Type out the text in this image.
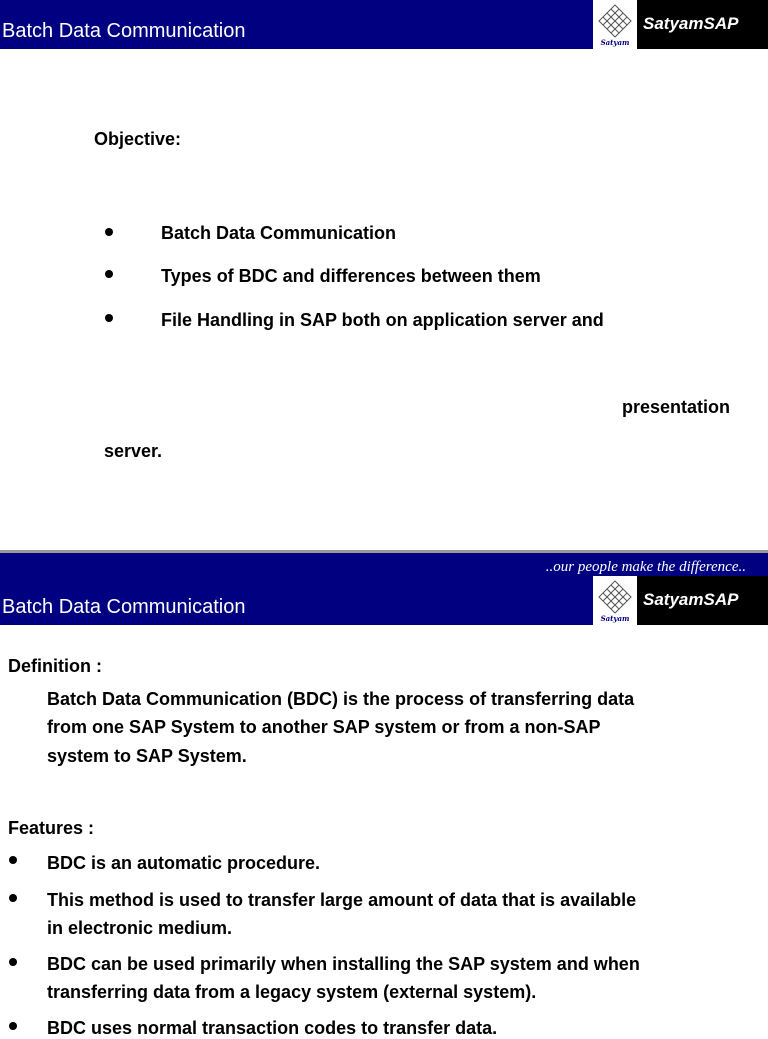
Batch Data Communication
Satyam
SatyamSAP
Objective:
Batch Data Communication
Types of BDC and differences between them
File Handling in SAP both on application server and
presentation
server.
..our people make the difference..
Batch Data Communication
Satyam
SatyamSAP
Definition :
Batch Data Communication (BDC) is the process of transferring data
from one SAP System to another SAP system or from a non-SAP
system to SAP System.
Features :
BDC is an automatic procedure.
This method is used to transfer large amount of data that is available
in electronic medium.
BDC can be used primarily when installing the SAP system and when
transferring data from a legacy system (external system).
BDC uses normal transaction codes to transfer data.
